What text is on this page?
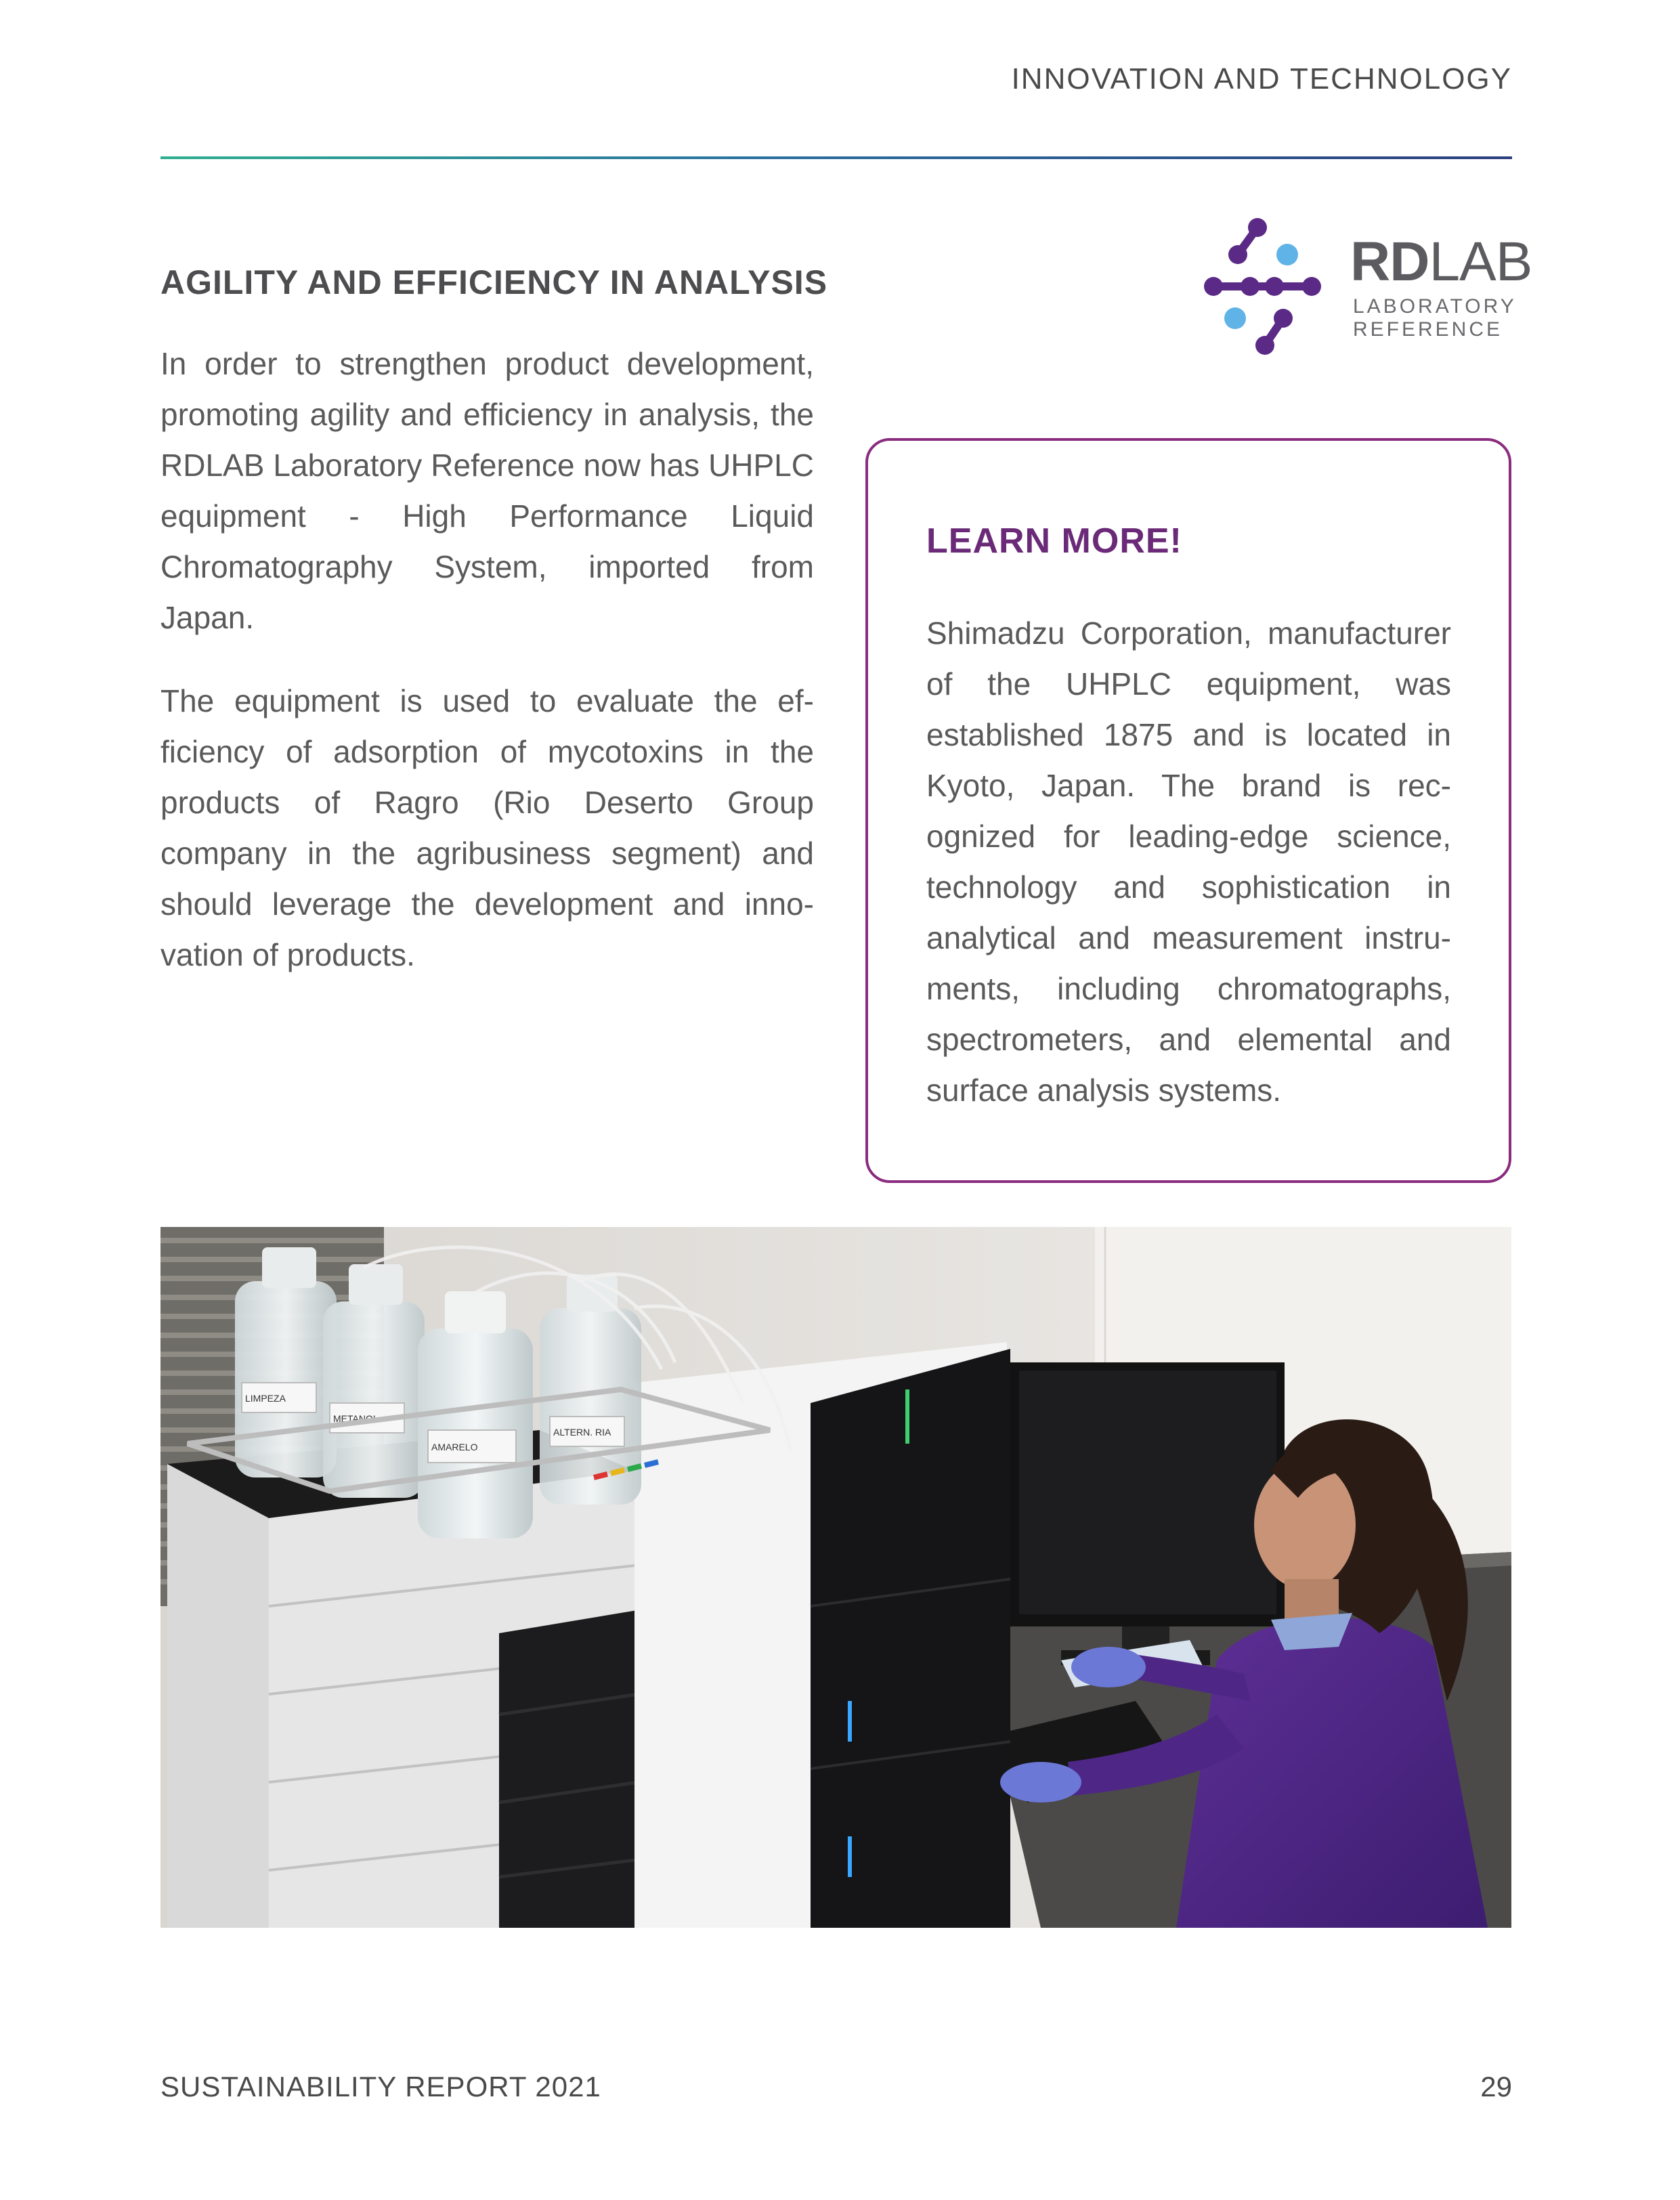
INNOVATION AND TECHNOLOGY
AGILITY AND EFFICIENCY IN ANALYSIS

In order to strengthen product development, promoting agility and efficiency in analysis, the RDLAB Laboratory Reference now has UHPLC equipment - High Performance Liquid Chromatography System, imported from Japan.

The equipment is used to evaluate the efficiency of adsorption of mycotoxins in the products of Ragro (Rio Deserto Group company in the agribusiness segment) and should leverage the development and innovation of products.

RDLAB
LABORATORY
REFERENCE
LEARN MORE!
Shimadzu Corporation, manufacturer of the UHPLC equipment, was established 1875 and is located in Kyoto, Japan. The brand is recognized for leading-edge science, technology and sophistication in analytical and measurement instruments, including chromatographs, spectrometers, and elemental and surface analysis systems.
LIMPEZA
METANOL
AMARELO
ALTERN. RIA
SUSTAINABILITY REPORT 2021	29
